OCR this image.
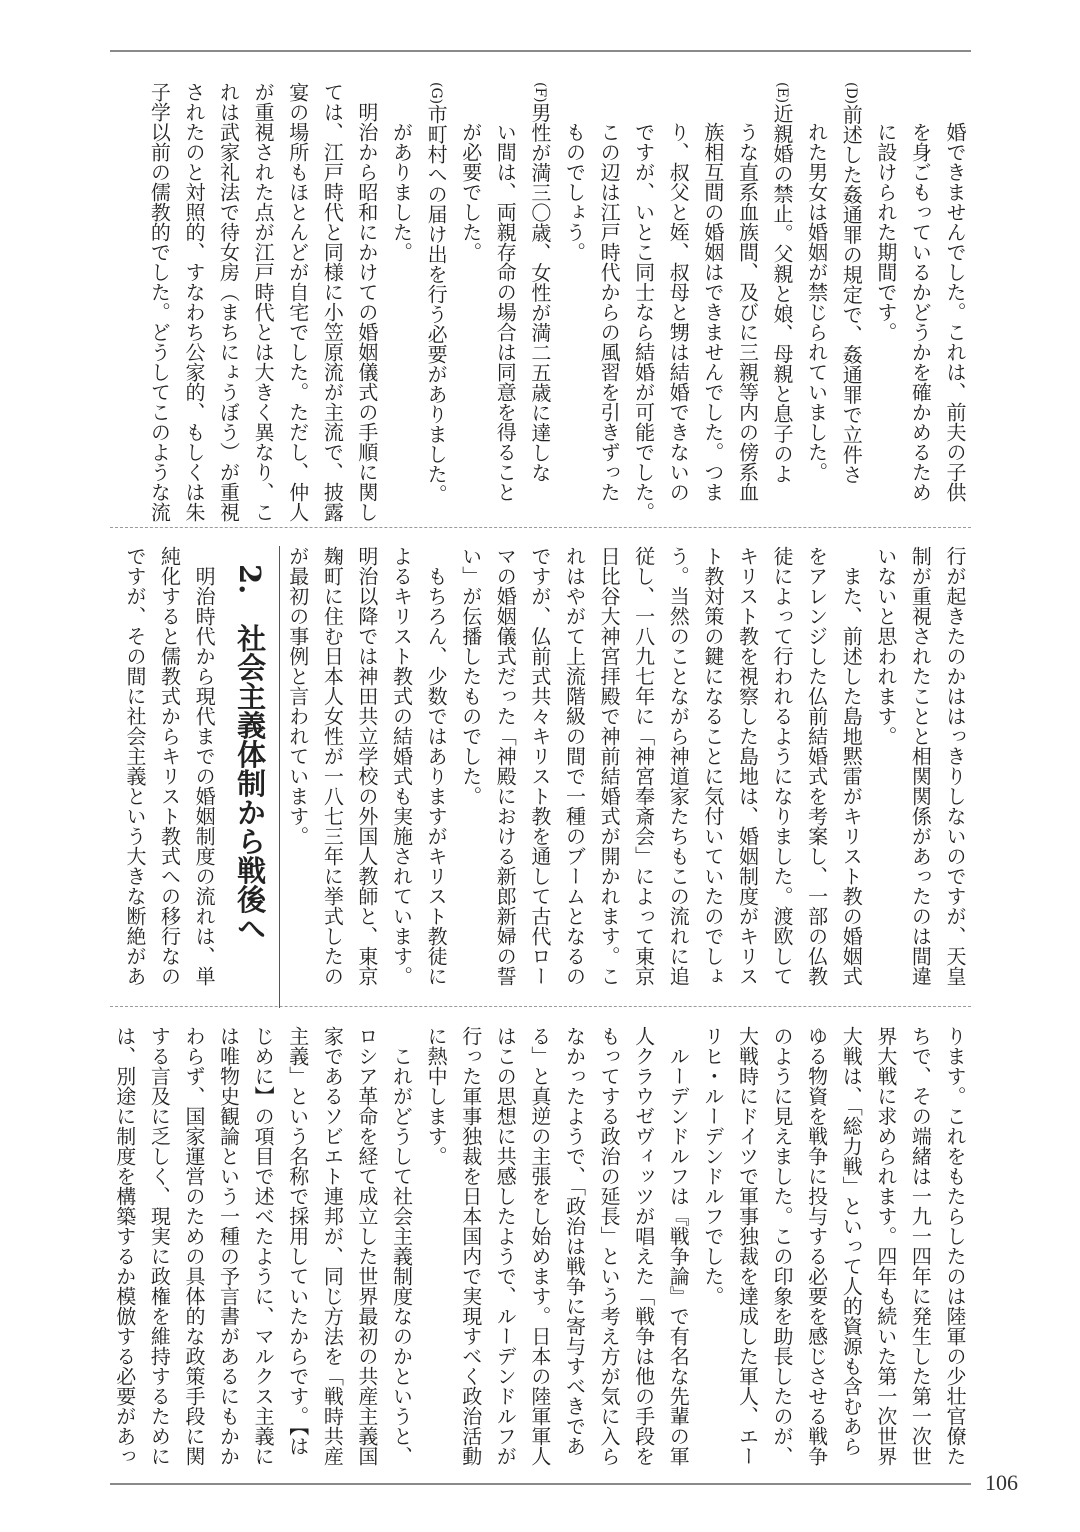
婚できませんでした。これは、前夫の子供
を身ごもっているかどうかを確かめるため
に設けられた期間です。
(D)前述した姦通罪の規定で、姦通罪で立件さ
れた男女は婚姻が禁じられていました。
(E)近親婚の禁止。父親と娘、母親と息子のよ
うな直系血族間、及びに三親等内の傍系血
族相互間の婚姻はできませんでした。つま
り、叔父と姪、叔母と甥は結婚できないの
ですが、いとこ同士なら結婚が可能でした。
この辺は江戸時代からの風習を引きずった
ものでしょう。
(F)男性が満三〇歳、女性が満二五歳に達しな
い間は、両親存命の場合は同意を得ること
が必要でした。
(G)市町村への届け出を行う必要がありました。
がありました。
　明治から昭和にかけての婚姻儀式の手順に関し
ては、江戸時代と同様に小笠原流が主流で、披露
宴の場所もほとんどが自宅でした。ただし、仲人
が重視された点が江戸時代とは大きく異なり、こ
れは武家礼法で待女房（まちにょうぼう）が重視
されたのと対照的、すなわち公家的、もしくは朱
子学以前の儒教的でした。どうしてこのような流
行が起きたのかははっきりしないのですが、天皇
制が重視されたことと相関関係があったのは間違
いないと思われます。
　また、前述した島地黙雷がキリスト教の婚姻式
をアレンジした仏前結婚式を考案し、一部の仏教
徒によって行われるようになりました。渡欧して
キリスト教を視察した島地は、婚姻制度がキリス
ト教対策の鍵になることに気付いていたのでしょ
う。当然のことながら神道家たちもこの流れに追
従し、一八九七年に「神宮奉斎会」によって東京
日比谷大神宮拝殿で神前結婚式が開かれます。こ
れはやがて上流階級の間で一種のブームとなるの
ですが、仏前式共々キリスト教を通して古代ロー
マの婚姻儀式だった「神殿における新郎新婦の誓
い」が伝播したものでした。
　もちろん、少数ではありますがキリスト教徒に
よるキリスト教式の結婚式も実施されています。
明治以降では神田共立学校の外国人教師と、東京
麹町に住む日本人女性が一八七三年に挙式したの
が最初の事例と言われています。
2.　社会主義体制から戦後へ
　明治時代から現代までの婚姻制度の流れは、単
純化すると儒教式からキリスト教式への移行なの
ですが、その間に社会主義という大きな断絶があ
ります。これをもたらしたのは陸軍の少壮官僚た
ちで、その端緒は一九一四年に発生した第一次世
界大戦に求められます。四年も続いた第一次世界
大戦は、「総力戦」といって人的資源も含むあら
ゆる物資を戦争に投与する必要を感じさせる戦争
のように見えました。この印象を助長したのが、
大戦時にドイツで軍事独裁を達成した軍人、エー
リヒ・ルーデンドルフでした。
　ルーデンドルフは『戦争論』で有名な先輩の軍
人クラウゼヴィッツが唱えた「戦争は他の手段を
もってする政治の延長」という考え方が気に入ら
なかったようで、「政治は戦争に寄与すべきであ
る」と真逆の主張をし始めます。日本の陸軍軍人
はこの思想に共感したようで、ルーデンドルフが
行った軍事独裁を日本国内で実現すべく政治活動
に熱中します。
　これがどうして社会主義制度なのかというと、
ロシア革命を経て成立した世界最初の共産主義国
家であるソビエト連邦が、同じ方法を「戦時共産
主義」という名称で採用していたからです。【は
じめに】の項目で述べたように、マルクス主義に
は唯物史観論という一種の予言書があるにもかか
わらず、国家運営のための具体的な政策手段に関
する言及に乏しく、現実に政権を維持するために
は、別途に制度を構築するか模倣する必要があっ
106
